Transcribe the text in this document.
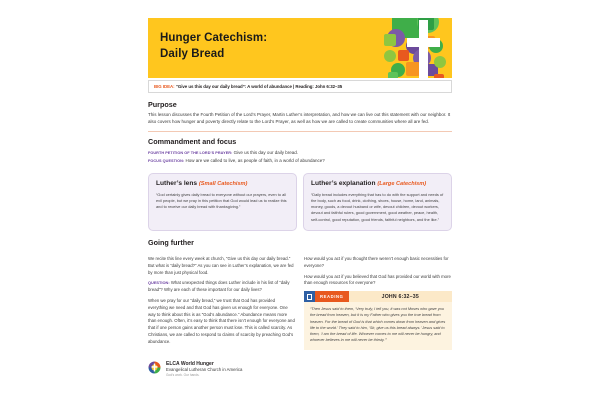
Hunger Catechism:
Daily Bread
BIG IDEA: “Give us this day our daily bread”: A world of abundance | Reading: John 6:32–35
Purpose

This lesson discusses the Fourth Petition of the Lord’s Prayer, Martin Luther’s interpretation, and how we can live out this statement with our neighbor. It also covers how hunger and poverty directly relate to the Lord’s Prayer, as well as how we are called to create communities where all are fed.

Commandment and focus

FOURTH PETITION OF THE LORD’S PRAYER: Give us this day our daily bread.

FOCUS QUESTION: How are we called to live, as people of faith, in a world of abundance?

Luther’s lens (Small Catechism)

“God certainly gives daily bread to everyone without our prayers, even to all evil people, but we pray in this petition that God would lead us to realize this and to receive our daily bread with thanksgiving.”

Luther’s explanation (Large Catechism)

“Daily bread includes everything that has to do with the support and needs of the body, such as food, drink, clothing, shoes, house, home, land, animals, money, goods, a devout husband or wife, devout children, devout workers, devout and faithful rulers, good government, good weather, peace, health, self-control, good reputation, good friends, faithful neighbors, and the like.”

Going further

We recite this line every week at church, “Give us this day our daily bread.” But what is “daily bread?” As you can see in Luther’s explanation, we are fed by more than just physical food.

QUESTION: What unexpected things does Luther include in his list of “daily bread”? Why are each of these important for our daily lives?

When we pray for our “daily bread,” we trust that God has provided everything we need and that God has given us enough for everyone. One way to think about this is as “God’s abundance.” Abundance means more than enough. Often, it’s easy to think that there isn’t enough for everyone and that if one person gains another person must lose. This is called scarcity. As Christians, we are called to respond to claims of scarcity by preaching God’s abundance.

How would you act if you thought there weren’t enough basic necessities for everyone?

How would you act if you believed that God has provided our world with more than enough resources for everyone?

READING	JOHN 6:32–35
“Then Jesus said to them, ‘Very truly, I tell you, it was not Moses who gave you the bread from heaven, but it is my Father who gives you the true bread from heaven. For the bread of God is that which comes down from heaven and gives life to the world.’ They said to him, ‘Sir, give us this bread always.’ Jesus said to them, ‘I am the bread of life. Whoever comes to me will never be hungry, and whoever believes in me will never be thirsty.’”
ELCA World Hunger
Evangelical Lutheran Church in America
God’s work. Our hands.
